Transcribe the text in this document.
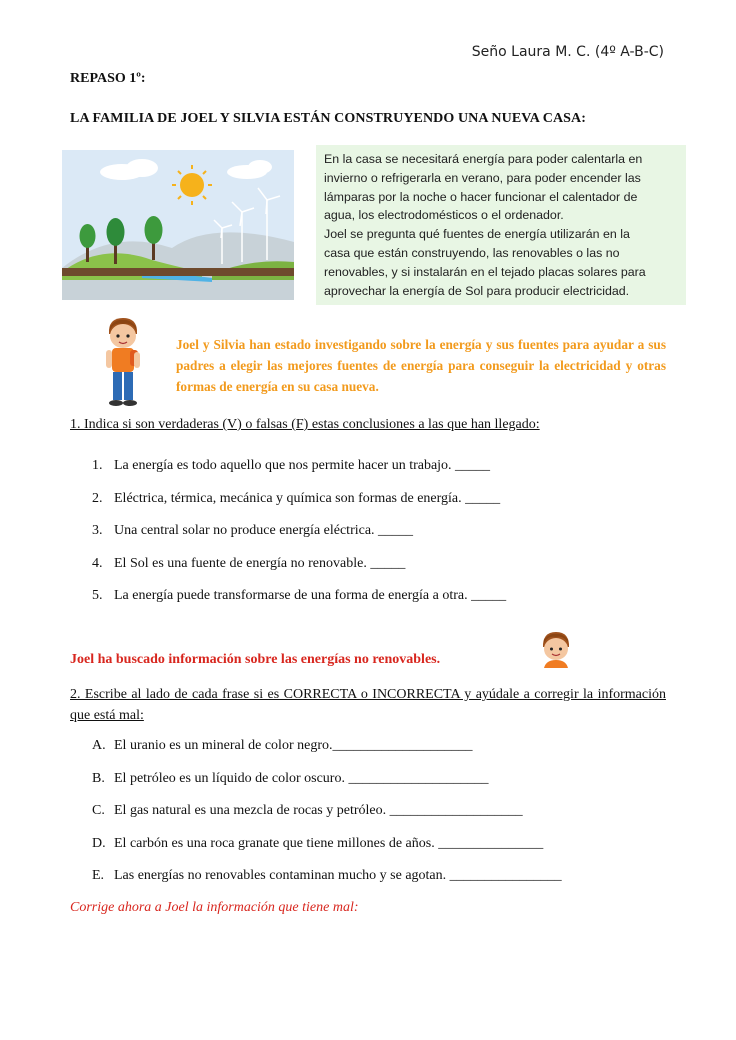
Seño Laura M. C. (4º A-B-C)
REPASO 1º:
LA FAMILIA DE JOEL Y SILVIA ESTÁN CONSTRUYENDO UNA NUEVA CASA:
En la casa se necesitará energía para poder calentarla en
invierno o refrigerarla en verano, para poder encender las
lámparas por la noche o hacer funcionar el calentador de
agua, los electrodomésticos o el ordenador.
Joel se pregunta qué fuentes de energía utilizarán en la
casa que están construyendo, las renovables o las no
renovables, y si instalarán en el tejado placas solares para
aprovechar la energía de Sol para producir electricidad.
Joel y Silvia han estado investigando sobre la energía y sus fuentes para ayudar a sus padres a elegir las mejores fuentes de energía para conseguir la electricidad y otras formas de energía en su casa nueva.
1. Indica si son verdaderas (V) o falsas (F) estas conclusiones a las que han llegado:
1. La energía es todo aquello que nos permite hacer un trabajo. _____
2. Eléctrica, térmica, mecánica y química son formas de energía. _____
3. Una central solar no produce energía eléctrica. _____
4. El Sol es una fuente de energía no renovable. _____
5. La energía puede transformarse de una forma de energía a otra. _____
Joel ha buscado información sobre las energías no renovables.
2. Escribe al lado de cada frase si es CORRECTA o INCORRECTA y ayúdale a corregir la información que está mal:
A. El uranio es un mineral de color negro.____________________
B. El petróleo es un líquido de color oscuro. ____________________
C. El gas natural es una mezcla de rocas y petróleo. ___________________
D. El carbón es una roca granate que tiene millones de años. _______________
E. Las energías no renovables contaminan mucho y se agotan. ________________
Corrige ahora a Joel la información que tiene mal:
